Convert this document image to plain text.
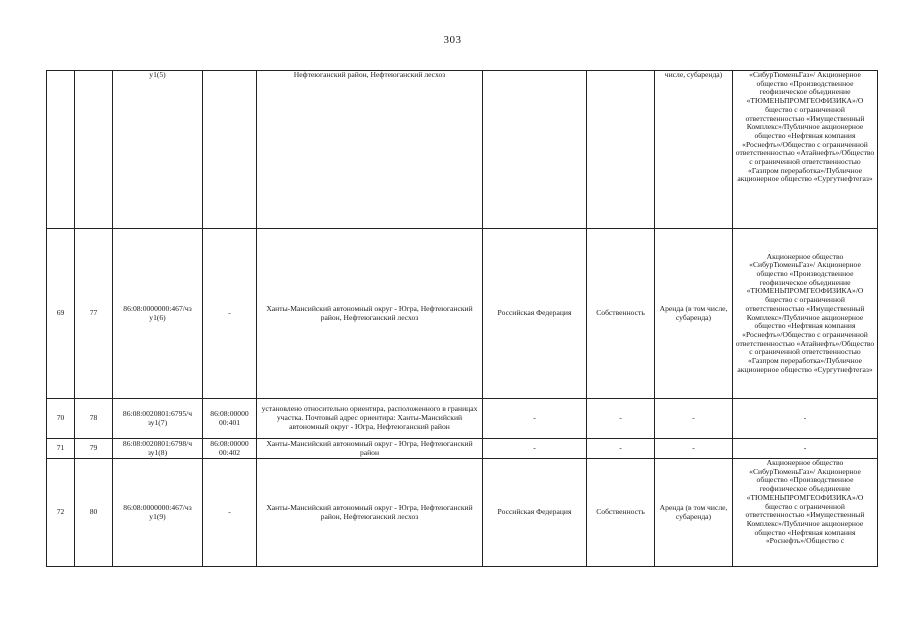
303
		у1(5)		Нефтеюганский район, Нефтеюганский лесхоз			числе, субаренда)	«СибурТюменьГаз»/ Акционерное общество «Производственное геофизическое объединение «ТЮМЕНЬПРОМГЕОФИЗИКА»/О бщество с ограниченной ответственностью «Имущественный Комплекс»/Публичное акционерное общество «Нефтяная компания «Роснефть»/Общество с ограниченной ответственностью «Атайнефть»/Общество с ограниченной ответственностью «Газпром переработка»/Публичное акционерное общество «Сургутнефтегаз»
69	77	86:08:0000000:467/чз у1(6)	-	Ханты-Мансийский автономный округ - Югра, Нефтеюганский район, Нефтеюганский лесхоз	Российская Федерация	Собственность	Аренда (в том числе, субаренда)	Акционерное общество «СибурТюменьГаз»/ Акционерное общество «Производственное геофизическое объединение «ТЮМЕНЬПРОМГЕОФИЗИКА»/О бщество с ограниченной ответственностью «Имущественный Комплекс»/Публичное акционерное общество «Нефтяная компания «Роснефть»/Общество с ограниченной ответственностью «Атайнефть»/Общество с ограниченной ответственностью «Газпром переработка»/Публичное акционерное общество «Сургутнефтегаз»
70	78	86:08:0020801:6795/ч зу1(7)	86:08:00000 00:401	установлено относительно ориентира, расположенного в границах участка. Почтовый адрес ориентира: Ханты-Мансийский автономный округ - Югра, Нефтеюганский район	-	-	-	-
71	79	86:08:0020801:6798/ч зу1(8)	86:08:00000 00:402	Ханты-Мансийский автономный округ - Югра, Нефтеюганский район	-	-	-	-
72	80	86:08:0000000:467/чз у1(9)	-	Ханты-Мансийский автономный округ - Югра, Нефтеюганский район, Нефтеюганский лесхоз	Российская Федерация	Собственность	Аренда (в том числе, субаренда)	Акционерное общество «СибурТюменьГаз»/ Акционерное общество «Производственное геофизическое объединение «ТЮМЕНЬПРОМГЕОФИЗИКА»/О бщество с ограниченной ответственностью «Имущественный Комплекс»/Публичное акционерное общество «Нефтяная компания «Роснефть»/Общество с
